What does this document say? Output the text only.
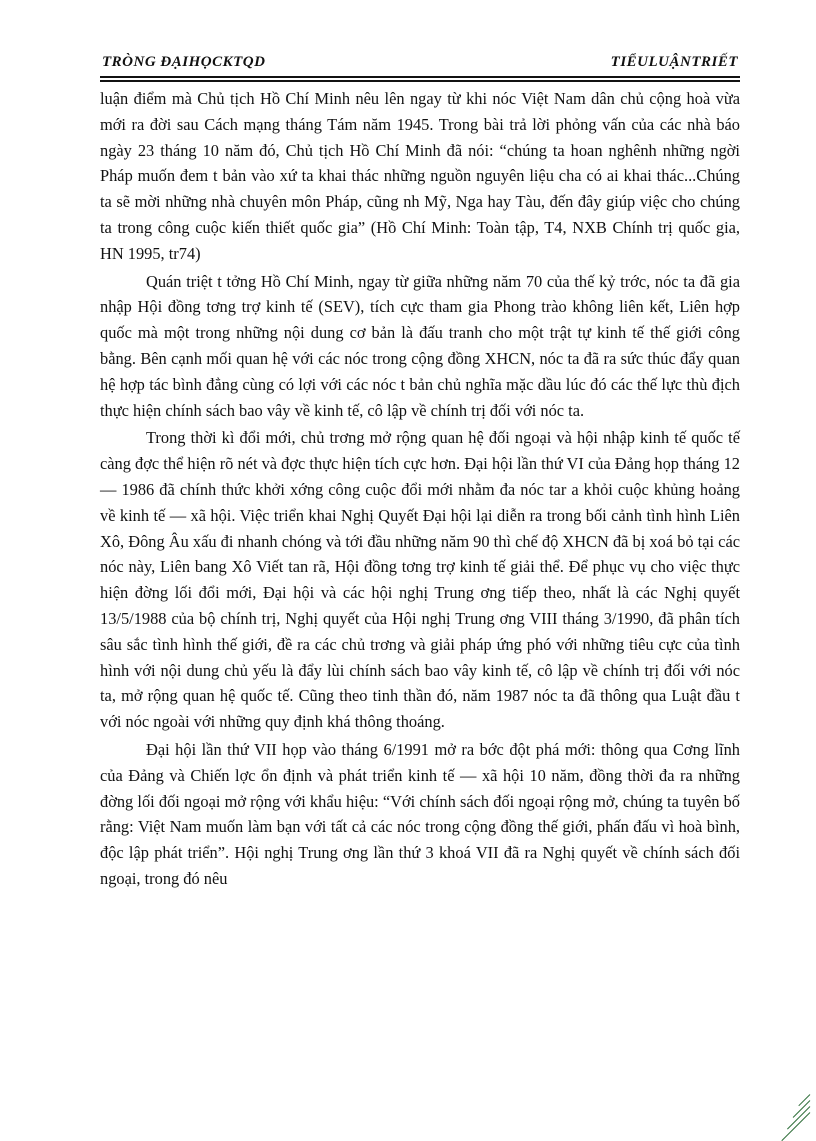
TRÒNG ĐẠIHỌCKTQD	TIỂULUẬNTRIẾT

luận điểm mà Chủ tịch Hồ Chí Minh nêu lên ngay từ khi nóc Việt Nam dân chủ cộng hoà vừa mới ra đời sau Cách mạng tháng Tám năm 1945. Trong bài trả lời phỏng vấn của các nhà báo ngày 23 tháng 10 năm đó, Chủ tịch Hồ Chí Minh đã nói: “chúng ta hoan nghênh những ngời Pháp muốn đem t bản vào xứ ta khai thác những nguồn nguyên liệu cha có ai khai thác...Chúng ta sẽ mời những nhà chuyên môn Pháp, cũng nh Mỹ, Nga hay Tàu, đến đây giúp việc cho chúng ta trong công cuộc kiến thiết quốc gia” (Hồ Chí Minh: Toàn tập, T4, NXB Chính trị quốc gia, HN 1995, tr74)

Quán triệt t tởng Hồ Chí Minh, ngay từ giữa những năm 70 của thế kỷ trớc, nóc ta đã gia nhập Hội đồng tơng trợ kinh tế (SEV), tích cực tham gia Phong trào không liên kết, Liên hợp quốc mà một trong những nội dung cơ bản là đấu tranh cho một trật tự kinh tế thế giới công bằng. Bên cạnh mối quan hệ với các nóc trong cộng đồng XHCN, nóc ta đã ra sức thúc đẩy quan hệ hợp tác bình đẳng cùng có lợi với các nóc t bản chủ nghĩa mặc dầu lúc đó các thế lực thù địch thực hiện chính sách bao vây về kinh tế, cô lập về chính trị đối với nóc ta.

Trong thời kì đổi mới, chủ trơng mở rộng quan hệ đối ngoại và hội nhập kinh tế quốc tế càng đợc thể hiện rõ nét và đợc thực hiện tích cực hơn. Đại hội lần thứ VI của Đảng họp tháng 12 — 1986 đã chính thức khởi xớng công cuộc đổi mới nhằm đa nóc tar a khỏi cuộc khủng hoảng về kinh tế — xã hội. Việc triển khai Nghị Quyết Đại hội lại diễn ra trong bối cảnh tình hình Liên Xô, Đông Âu xấu đi nhanh chóng và tới đầu những năm 90 thì chế độ XHCN đã bị xoá bỏ tại các nóc này, Liên bang Xô Viết tan rã, Hội đồng tơng trợ kinh tế giải thể. Để phục vụ cho việc thực hiện đờng lối đổi mới, Đại hội và các hội nghị Trung ơng tiếp theo, nhất là các Nghị quyết 13/5/1988 của bộ chính trị, Nghị quyết của Hội nghị Trung ơng VIII tháng 3/1990, đã phân tích sâu sắc tình hình thế giới, đề ra các chủ trơng và giải pháp ứng phó với những tiêu cực của tình hình với nội dung chủ yếu là đẩy lùi chính sách bao vây kinh tế, cô lập về chính trị đối với nóc ta, mở rộng quan hệ quốc tế. Cũng theo tinh thần đó, năm 1987 nóc ta đã thông qua Luật đầu t với nóc ngoài với những quy định khá thông thoáng.

Đại hội lần thứ VII họp vào tháng 6/1991 mở ra bớc đột phá mới: thông qua Cơng lĩnh của Đảng và Chiến lợc ổn định và phát triển kinh tế — xã hội 10 năm, đồng thời đa ra những đờng lối đối ngoại mở rộng với khẩu hiệu: “Với chính sách đối ngoại rộng mở, chúng ta tuyên bố rằng: Việt Nam muốn làm bạn với tất cả các nóc trong cộng đồng thế giới, phấn đấu vì hoà bình, độc lập phát triển”. Hội nghị Trung ơng lần thứ 3 khoá VII đã ra Nghị quyết về chính sách đối ngoại, trong đó nêu
